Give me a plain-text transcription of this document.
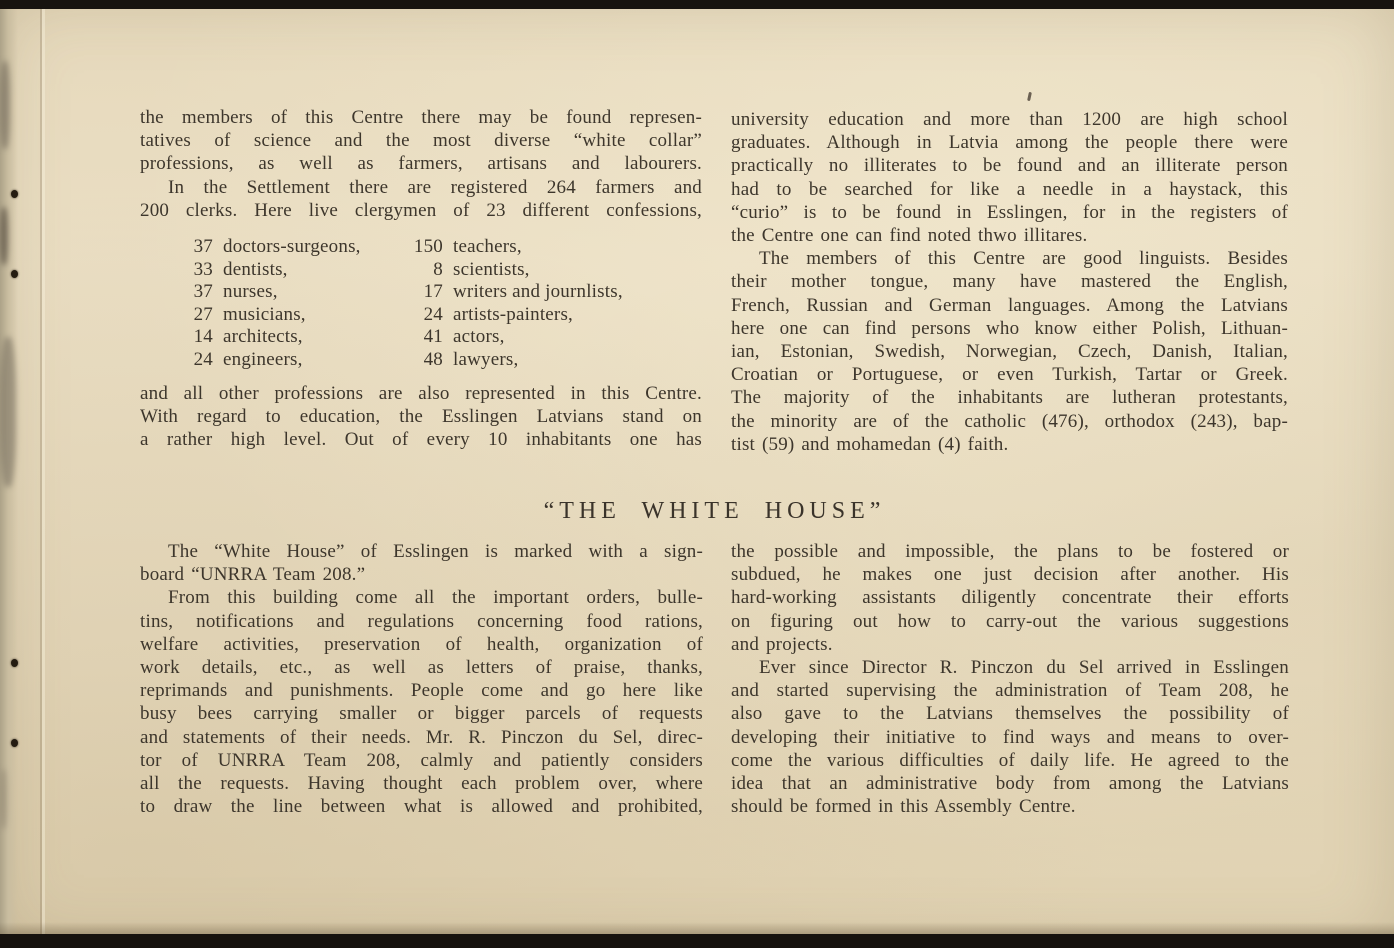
the members of this Centre there may be found represen-
tatives of science and the most diverse “white collar”
professions, as well as farmers, artisans and labourers.
In the Settlement there are registered 264 farmers and
200 clerks. Here live clergymen of 23 different confessions,
37 doctors-surgeons,	150 teachers,
33 dentists,	8 scientists,
37 nurses,	17 writers and journlists,
27 musicians,	24 artists-painters,
14 architects,	41 actors,
24 engineers,	48 lawyers,
and all other professions are also represented in this Centre.
With regard to education, the Esslingen Latvians stand on
a rather high level. Out of every 10 inhabitants one has
university education and more than 1200 are high school
graduates. Although in Latvia among the people there were
practically no illiterates to be found and an illiterate person
had to be searched for like a needle in a haystack, this
“curio” is to be found in Esslingen, for in the registers of
the Centre one can find noted thwo illitares.
The members of this Centre are good linguists. Besides
their mother tongue, many have mastered the English,
French, Russian and German languages. Among the Latvians
here one can find persons who know either Polish, Lithuan-
ian, Estonian, Swedish, Norwegian, Czech, Danish, Italian,
Croatian or Portuguese, or even Turkish, Tartar or Greek.
The majority of the inhabitants are lutheran protestants,
the minority are of the catholic (476), orthodox (243), bap-
tist (59) and mohamedan (4) faith.
“THE WHITE HOUSE”
The “White House” of Esslingen is marked with a sign-
board “UNRRA Team 208.”
From this building come all the important orders, bulle-
tins, notifications and regulations concerning food rations,
welfare activities, preservation of health, organization of
work details, etc., as well as letters of praise, thanks,
reprimands and punishments. People come and go here like
busy bees carrying smaller or bigger parcels of requests
and statements of their needs. Mr. R. Pinczon du Sel, direc-
tor of UNRRA Team 208, calmly and patiently considers
all the requests. Having thought each problem over, where
to draw the line between what is allowed and prohibited,
the possible and impossible, the plans to be fostered or
subdued, he makes one just decision after another. His
hard-working assistants diligently concentrate their efforts
on figuring out how to carry-out the various suggestions
and projects.
Ever since Director R. Pinczon du Sel arrived in Esslingen
and started supervising the administration of Team 208, he
also gave to the Latvians themselves the possibility of
developing their initiative to find ways and means to over-
come the various difficulties of daily life. He agreed to the
idea that an administrative body from among the Latvians
should be formed in this Assembly Centre.
